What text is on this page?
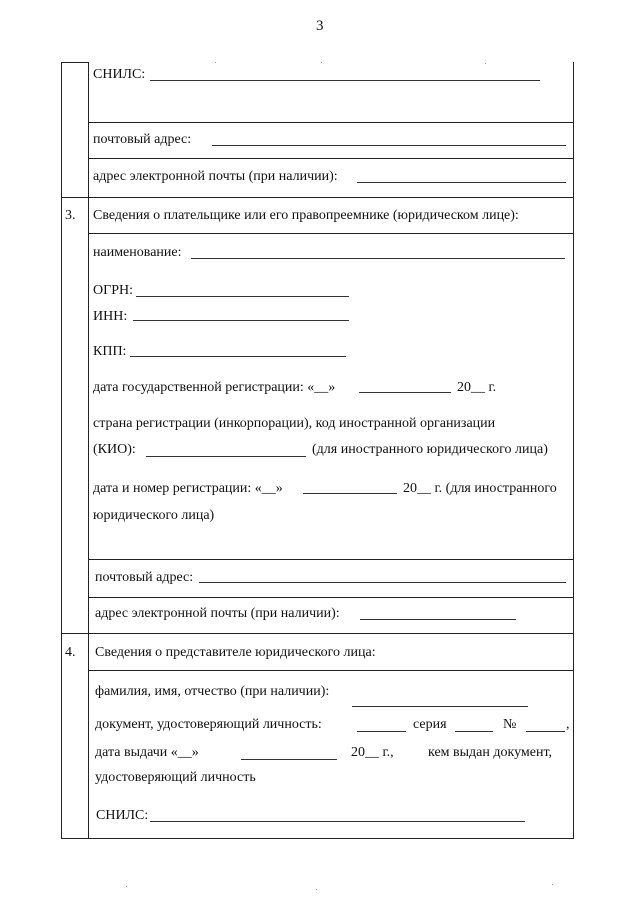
3
СНИЛС:
почтовый адрес:
адрес электронной почты (при наличии):
3. Сведения о плательщике или его правопреемнике (юридическом лице):
наименование:
ОГРН:
ИНН:
КПП:
дата государственной регистрации: «__»	20__ г.
страна регистрации (инкорпорации), код иностранной организации
(КИО):	(для иностранного юридического лица)
дата и номер регистрации: «__»	20__ г. (для иностранного
юридического лица)
почтовый адрес:
адрес электронной почты (при наличии):
4. Сведения о представителе юридического лица:
фамилия, имя, отчество (при наличии):
документ, удостоверяющий личность:	серия	№	,
дата выдачи «__»	20__ г., кем выдан документ,
удостоверяющий личность
СНИЛС:
